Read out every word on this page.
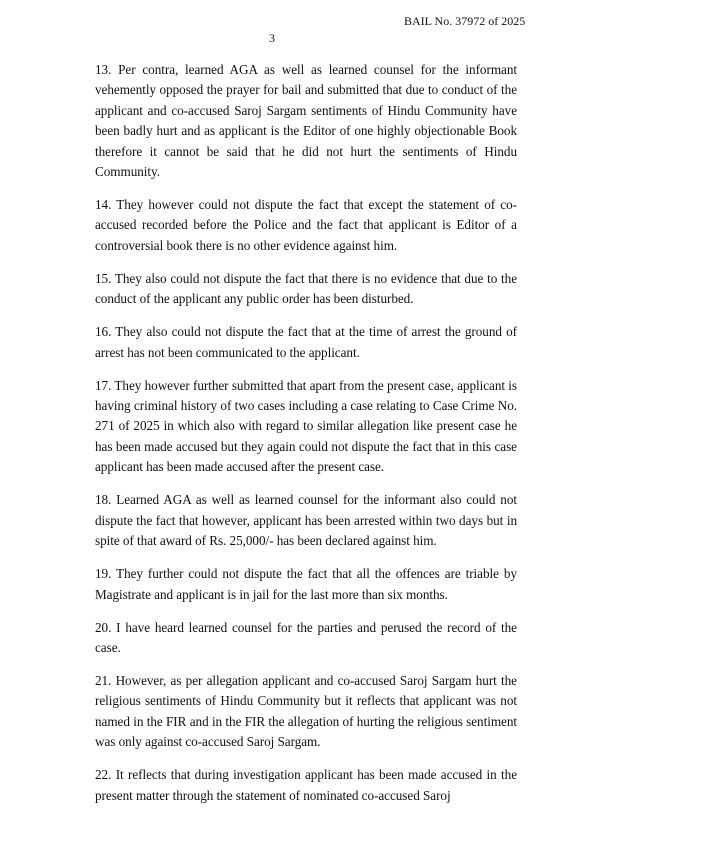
BAIL No. 37972 of 2025
3

13. Per contra, learned AGA as well as learned counsel for the informant vehemently opposed the prayer for bail and submitted that due to conduct of the applicant and co-accused Saroj Sargam sentiments of Hindu Community have been badly hurt and as applicant is the Editor of one highly objectionable Book therefore it cannot be said that he did not hurt the sentiments of Hindu Community.

14. They however could not dispute the fact that except the statement of co-accused recorded before the Police and the fact that applicant is Editor of a controversial book there is no other evidence against him.

15. They also could not dispute the fact that there is no evidence that due to the conduct of the applicant any public order has been disturbed.

16. They also could not dispute the fact that at the time of arrest the ground of arrest has not been communicated to the applicant.

17. They however further submitted that apart from the present case, applicant is having criminal history of two cases including a case relating to Case Crime No. 271 of 2025 in which also with regard to similar allegation like present case he has been made accused but they again could not dispute the fact that in this case applicant has been made accused after the present case.

18. Learned AGA as well as learned counsel for the informant also could not dispute the fact that however, applicant has been arrested within two days but in spite of that award of Rs. 25,000/- has been declared against him.

19. They further could not dispute the fact that all the offences are triable by Magistrate and applicant is in jail for the last more than six months.

20. I have heard learned counsel for the parties and perused the record of the case.

21. However, as per allegation applicant and co-accused Saroj Sargam hurt the religious sentiments of Hindu Community but it reflects that applicant was not named in the FIR and in the FIR the allegation of hurting the religious sentiment was only against co-accused Saroj Sargam.

22. It reflects that during investigation applicant has been made accused in the present matter through the statement of nominated co-accused Saroj
